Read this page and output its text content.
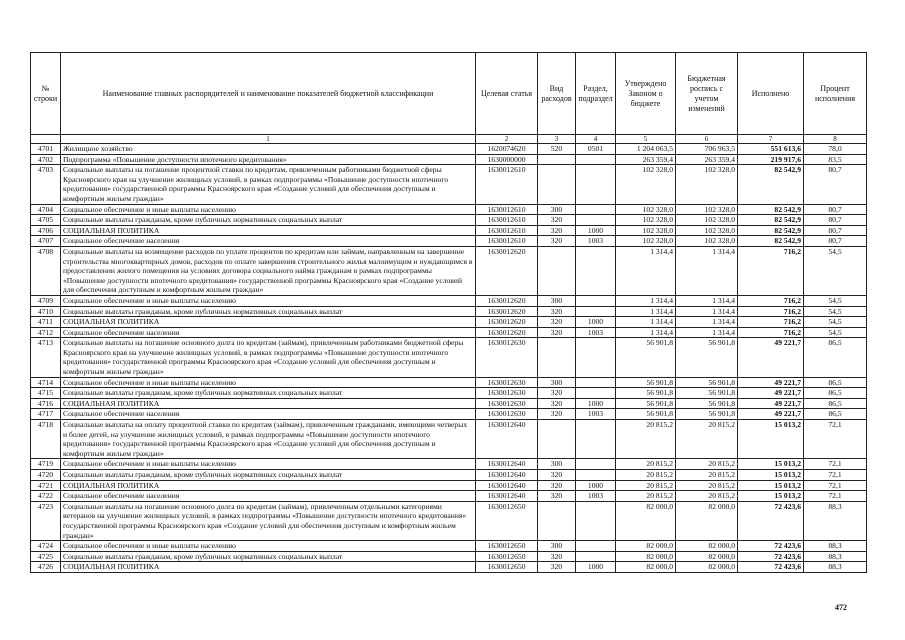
№ строки	Наименование главных распорядителей и наименование показателей бюджетной классификации	Целевая статья	Вид расходов	Раздел, подраздел	Утверждено Законом о бюджете	Бюджетная роспись с учетом изменений	Исполнено	Процент исполнения
	1	2	3	4	5	6	7	8
4701	Жилищное хозяйство	1620074620	520	0501	1 204 063,5	706 963,5	551 613,6	78,0
4702	Подпрограмма «Повышение доступности ипотечного кредитования»	1630000000			263 359,4	263 359,4	219 917,6	83,5
4703	Социальные выплаты на погашение процентной ставки по кредитам, привлеченным работниками бюджетной сферы Красноярского края на улучшение жилищных условий, в рамках подпрограммы «Повышение доступности ипотечного кредитования» государственной программы Красноярского края «Создание условий для обеспечения доступным и комфортным жильем граждан»	1630012610			102 328,0	102 328,0	82 542,9	80,7
4704	Социальное обеспечение и иные выплаты населению	1630012610	300		102 328,0	102 328,0	82 542,9	80,7
4705	Социальные выплаты гражданам, кроме публичных нормативных социальных выплат	1630012610	320		102 328,0	102 328,0	82 542,9	80,7
4706	СОЦИАЛЬНАЯ ПОЛИТИКА	1630012610	320	1000	102 328,0	102 328,0	82 542,9	80,7
4707	Социальное обеспечение населения	1630012610	320	1003	102 328,0	102 328,0	82 542,9	80,7
4708	Социальные выплаты на возмещение расходов по уплате процентов по кредитам или займам, направленным на завершение строительства многоквартирных домов, расходов по оплате завершения строительного жилья малоимущим и нуждающимся в предоставлении жилого помещения на условиях договора социального найма гражданам в рамках подпрограммы «Повышение доступности ипотечного кредитования» государственной программы Красноярского края «Создание условий для обеспечения доступным и комфортным жильем граждан»	1630012620			1 314,4	1 314,4	716,2	54,5
4709	Социальное обеспечение и иные выплаты населению	1630012620	300		1 314,4	1 314,4	716,2	54,5
4710	Социальные выплаты гражданам, кроме публичных нормативных социальных выплат	1630012620	320		1 314,4	1 314,4	716,2	54,5
4711	СОЦИАЛЬНАЯ ПОЛИТИКА	1630012620	320	1000	1 314,4	1 314,4	716,2	54,5
4712	Социальное обеспечение населения	1630012620	320	1003	1 314,4	1 314,4	716,2	54,5
4713	Социальные выплаты на погашение основного долга по кредитам (займам), привлеченным работниками бюджетной сферы Красноярского края на улучшение жилищных условий, в рамках подпрограммы «Повышение доступности ипотечного кредитования» государственной программы Красноярского края «Создание условий для обеспечения доступным и комфортным жильем граждан»	1630012630			56 901,8	56 901,8	49 221,7	86,5
4714	Социальное обеспечение и иные выплаты населению	1630012630	300		56 901,8	56 901,8	49 221,7	86,5
4715	Социальные выплаты гражданам, кроме публичных нормативных социальных выплат	1630012630	320		56 901,8	56 901,8	49 221,7	86,5
4716	СОЦИАЛЬНАЯ ПОЛИТИКА	1630012630	320	1000	56 901,8	56 901,8	49 221,7	86,5
4717	Социальное обеспечение населения	1630012630	320	1003	56 901,8	56 901,8	49 221,7	86,5
4718	Социальные выплаты на оплату процентной ставки по кредитам (займам), привлеченным гражданами, имеющими четверых и более детей, на улучшение жилищных условий, в рамках подпрограммы «Повышение доступности ипотечного кредитования» государственной программы Красноярского края «Создание условий для обеспечения доступным и комфортным жильем граждан»	1630012640			20 815,2	20 815,2	15 013,2	72,1
4719	Социальное обеспечение и иные выплаты населению	1630012640	300		20 815,2	20 815,2	15 013,2	72,1
4720	Социальные выплаты гражданам, кроме публичных нормативных социальных выплат	1630012640	320		20 815,2	20 815,2	15 013,2	72,1
4721	СОЦИАЛЬНАЯ ПОЛИТИКА	1630012640	320	1000	20 815,2	20 815,2	15 013,2	72,1
4722	Социальное обеспечение населения	1630012640	320	1003	20 815,2	20 815,2	15 013,2	72,1
4723	Социальные выплаты на погашение основного долга по кредитам (займам), привлеченным отдельными категориями ветеранов на улучшение жилищных условий, в рамках подпрограммы «Повышение доступности ипотечного кредитования» государственной программы Красноярского края «Создание условий для обеспечения доступным и комфортным жильем граждан»	1630012650			82 000,0	82 000,0	72 423,6	88,3
4724	Социальное обеспечение и иные выплаты населению	1630012650	300		82 000,0	82 000,0	72 423,6	88,3
4725	Социальные выплаты гражданам, кроме публичных нормативных социальных выплат	1630012650	320		82 000,0	82 000,0	72 423,6	88,3
4726	СОЦИАЛЬНАЯ ПОЛИТИКА	1630012650	320	1000	82 000,0	82 000,0	72 423,6	88,3
472
